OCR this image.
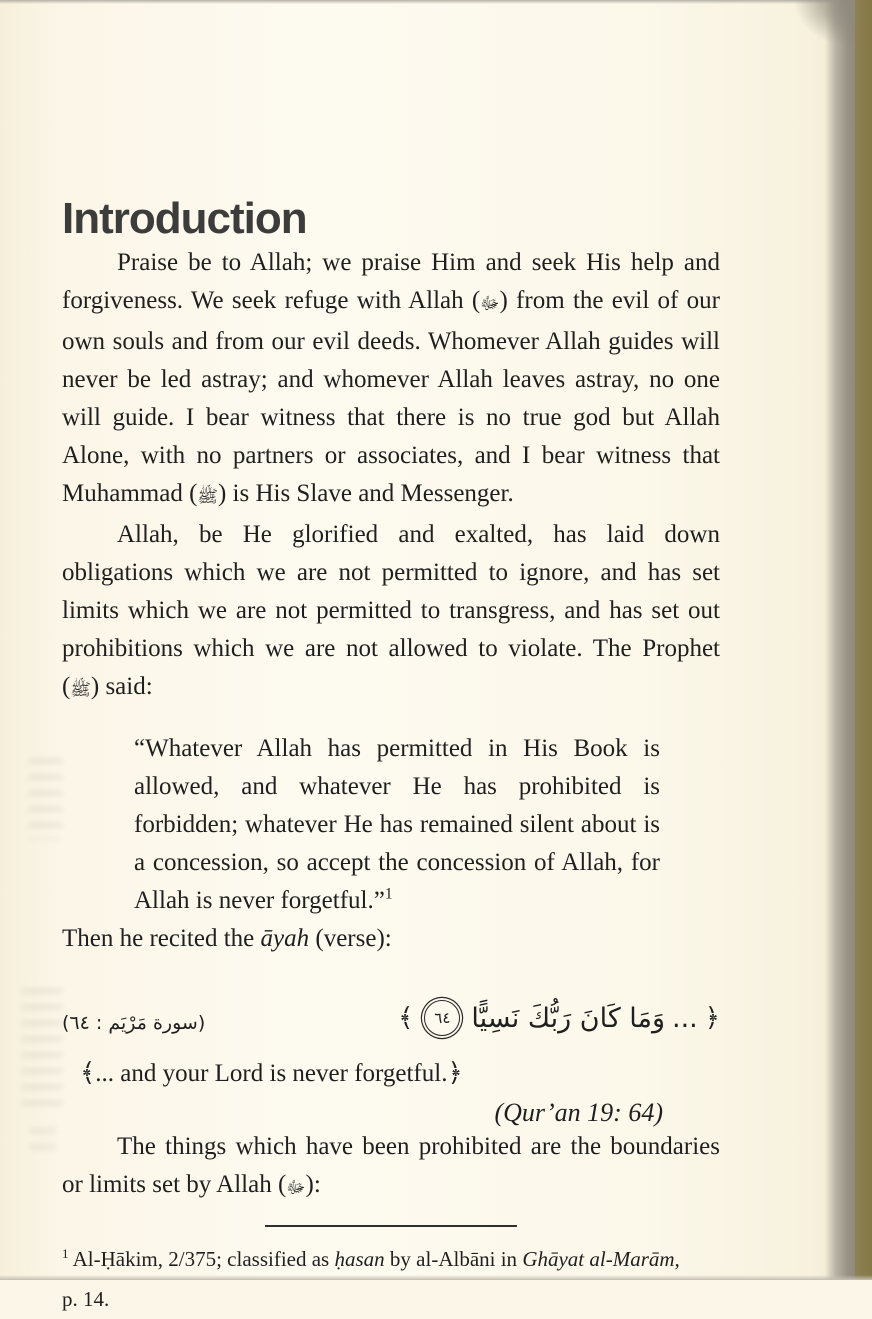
Introduction

Praise be to Allah; we praise Him and seek His help and forgiveness. We seek refuge with Allah (ﷻ) from the evil of our own souls and from our evil deeds. Whomever Allah guides will never be led astray; and whomever Allah leaves astray, no one will guide. I bear witness that there is no true god but Allah Alone, with no partners or associates, and I bear witness that Muhammad (ﷺ) is His Slave and Messenger.

Allah, be He glorified and exalted, has laid down obligations which we are not permitted to ignore, and has set limits which we are not permitted to transgress, and has set out prohibitions which we are not allowed to violate. The Prophet (ﷺ) said:

“Whatever Allah has permitted in His Book is allowed, and whatever He has prohibited is forbidden; whatever He has remained silent about is a concession, so accept the concession of Allah, for Allah is never forgetful.”$^1$

Then he recited the āyah (verse):

(سورة مَرْيَم : ٦٤)	﴾	٦٤ وَمَا كَانَ رَبُّكَ نَسِيًّا ... ﴿

﴾... and your Lord is never forgetful.﴿

(Qur’an 19: 64)

The things which have been prohibited are the boundaries or limits set by Allah (ﷻ):

$^1$ Al-Ḥākim, 2/375; classified as ḥasan by al-Albāni in Ghāyat al-Marām,
p. 14.
